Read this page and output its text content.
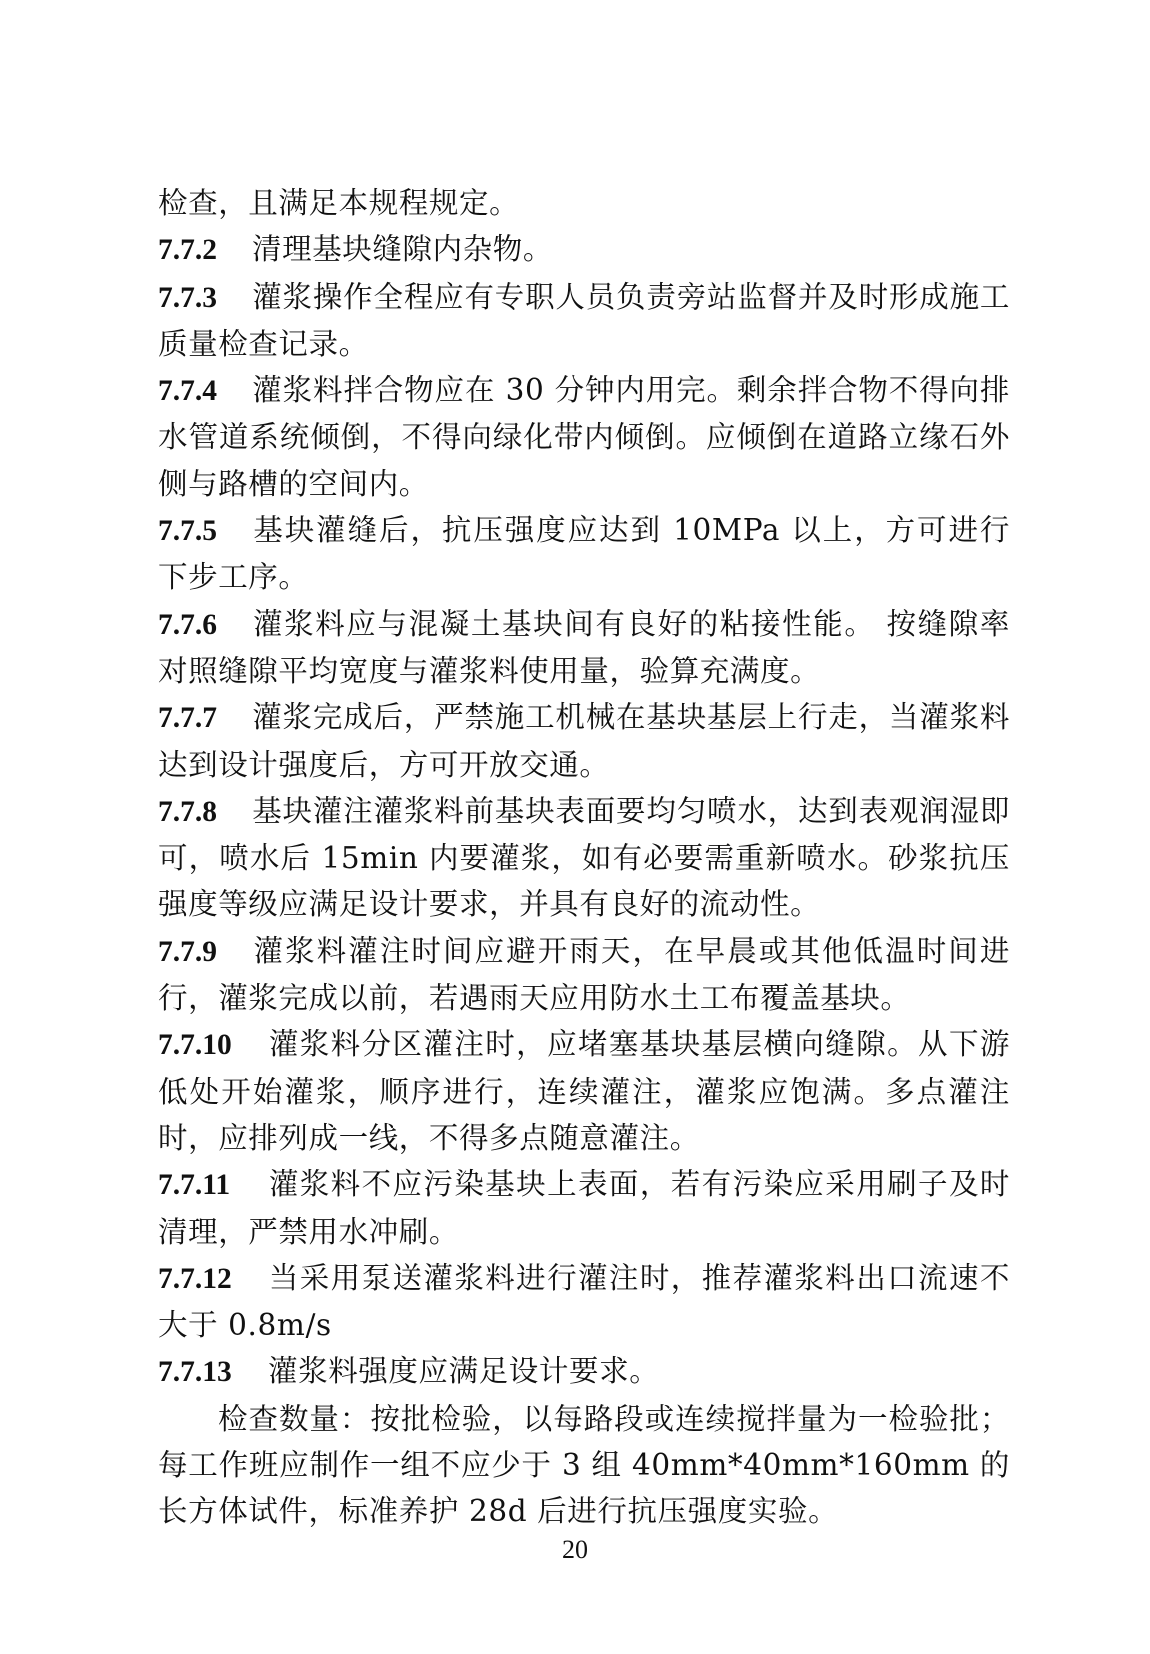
检查，且满足本规程规定。

7.7.2 清理基块缝隙内杂物。

7.7.3 灌浆操作全程应有专职人员负责旁站监督并及时形成施工质量检查记录。

7.7.4 灌浆料拌合物应在 30 分钟内用完。剩余拌合物不得向排水管道系统倾倒，不得向绿化带内倾倒。应倾倒在道路立缘石外侧与路槽的空间内。

7.7.5 基块灌缝后，抗压强度应达到 10MPa 以上，方可进行下步工序。

7.7.6 灌浆料应与混凝土基块间有良好的粘接性能。 按缝隙率对照缝隙平均宽度与灌浆料使用量，验算充满度。

7.7.7 灌浆完成后，严禁施工机械在基块基层上行走，当灌浆料达到设计强度后，方可开放交通。

7.7.8 基块灌注灌浆料前基块表面要均匀喷水，达到表观润湿即可，喷水后 15min 内要灌浆，如有必要需重新喷水。砂浆抗压强度等级应满足设计要求，并具有良好的流动性。

7.7.9 灌浆料灌注时间应避开雨天，在早晨或其他低温时间进行，灌浆完成以前，若遇雨天应用防水土工布覆盖基块。

7.7.10 灌浆料分区灌注时，应堵塞基块基层横向缝隙。从下游低处开始灌浆，顺序进行，连续灌注，灌浆应饱满。多点灌注时，应排列成一线，不得多点随意灌注。

7.7.11 灌浆料不应污染基块上表面，若有污染应采用刷子及时清理，严禁用水冲刷。

7.7.12 当采用泵送灌浆料进行灌注时，推荐灌浆料出口流速不大于 0.8m/s

7.7.13 灌浆料强度应满足设计要求。

检查数量：按批检验，以每路段或连续搅拌量为一检验批；每工作班应制作一组不应少于 3 组 40mm*40mm*160mm 的长方体试件，标准养护 28d 后进行抗压强度实验。

20
